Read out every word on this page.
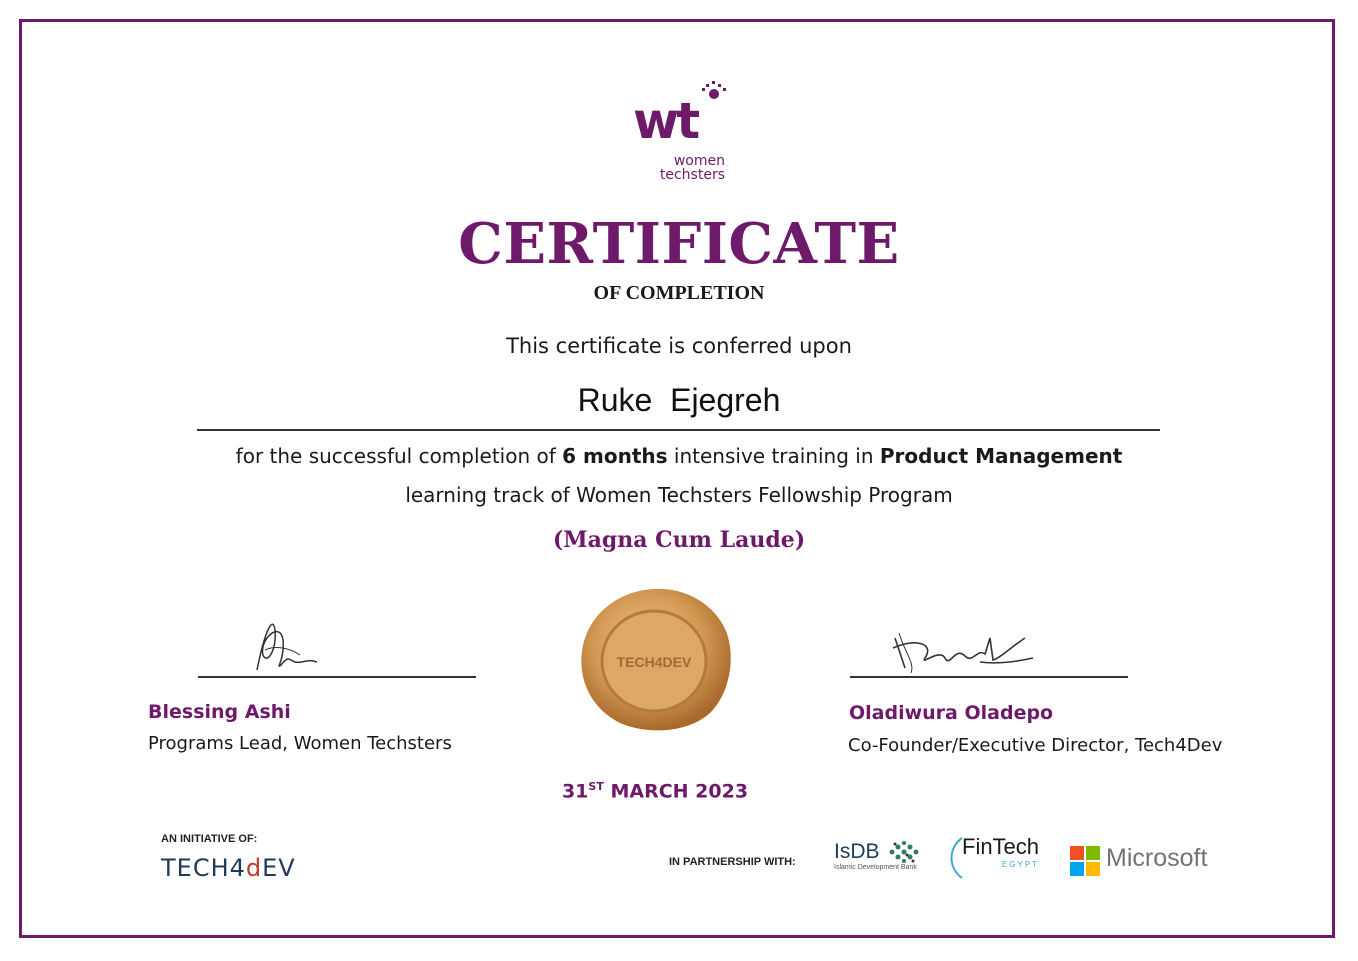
wt
women
techsters
CERTIFICATE
OF COMPLETION
This certificate is conferred upon
Ruke  Ejegreh
for the successful completion of 6 months intensive training in Product Management
learning track of Women Techsters Fellowship Program
(Magna Cum Laude)
Blessing Ashi
Programs Lead, Women Techsters
TECH4DEV
Oladiwura Oladepo
Co-Founder/Executive Director, Tech4Dev
31ST MARCH 2023
AN INITIATIVE OF:
TECH4dEV	IN PARTNERSHIP WITH: IsDB
Islamic Development Bank
FinTech
EGYPT	Microsoft
